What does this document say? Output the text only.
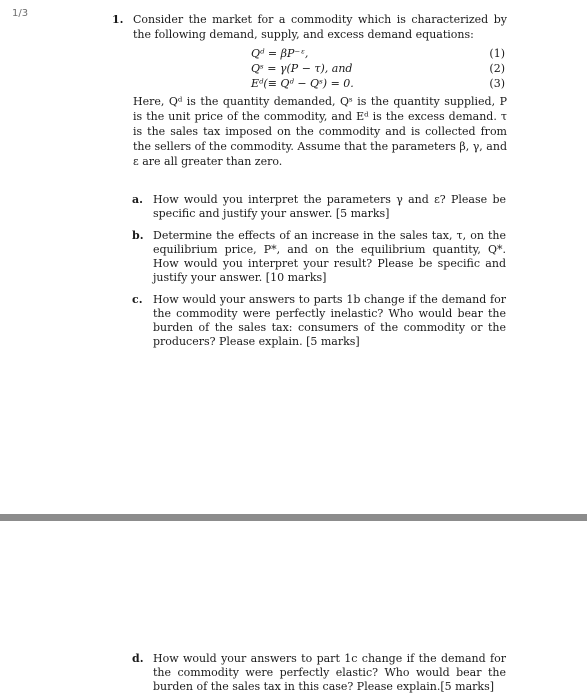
1/3	1. Consider the market for a commodity which is characterized by the following demand, supply, and excess demand equations:
Qᵈ = βP⁻ᵋ,	(1)
Qˢ = γ(P − τ), and	(2)
Eᵈ(≡ Qᵈ − Qˢ) = 0.	(3)
Here, Qᵈ is the quantity demanded, Qˢ is the quantity supplied, P is the unit price of the commodity, and Eᵈ is the excess demand. τ is the sales tax imposed on the commodity and is collected from the sellers of the commodity. Assume that the parameters β, γ, and ε are all greater than zero.
a. How would you interpret the parameters γ and ε? Please be specific and justify your answer. [5 marks]
b. Determine the effects of an increase in the sales tax, τ, on the equilibrium price, P*, and on the equilibrium quantity, Q*. How would you interpret your result? Please be specific and justify your answer. [10 marks]
c. How would your answers to parts 1b change if the demand for the commodity were perfectly inelastic? Who would bear the burden of the sales tax: consumers of the commodity or the producers? Please explain. [5 marks]
d. How would your answers to part 1c change if the demand for the commodity were perfectly elastic? Who would bear the burden of the sales tax in this case? Please explain.[5 marks]
